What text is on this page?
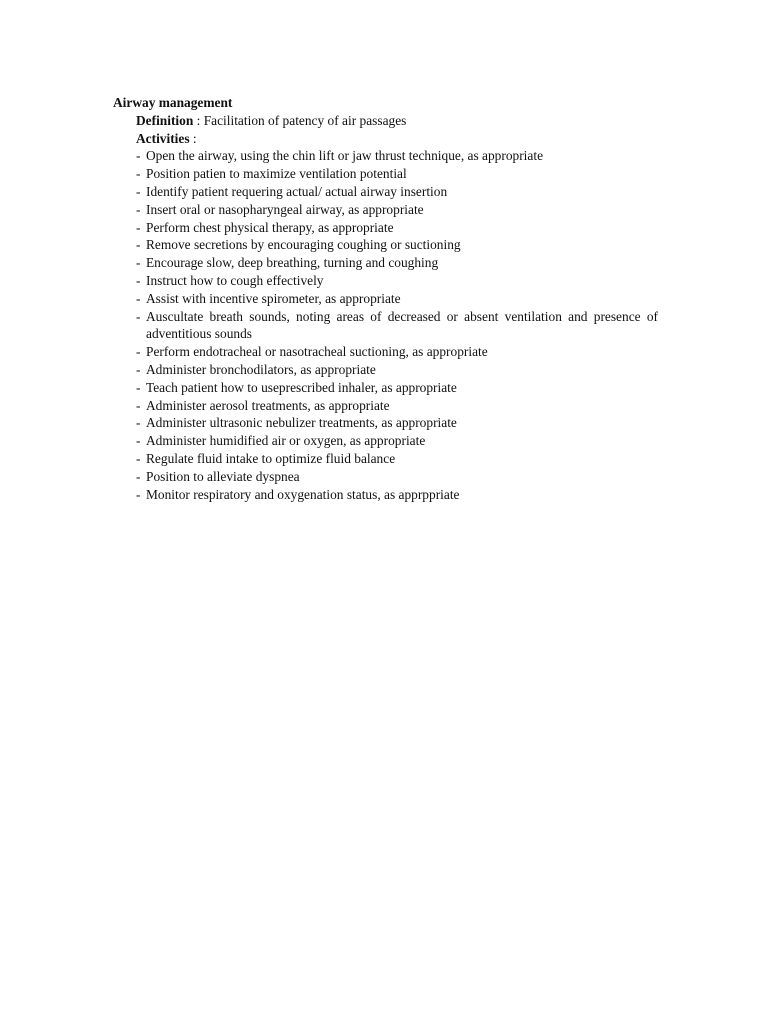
Airway management
Definition : Facilitation of patency of air passages
Activities :
- Open the airway, using the chin lift or jaw thrust technique, as appropriate
- Position patien to maximize ventilation potential
- Identify patient requering actual/ actual airway insertion
- Insert oral or nasopharyngeal airway, as appropriate
- Perform chest physical therapy, as appropriate
- Remove secretions by encouraging coughing or suctioning
- Encourage slow, deep breathing, turning and coughing
- Instruct how to cough effectively
- Assist with incentive spirometer, as appropriate
- Auscultate breath sounds, noting areas of decreased or absent ventilation and presence of adventitious sounds
- Perform endotracheal or nasotracheal suctioning, as appropriate
- Administer bronchodilators, as appropriate
- Teach patient how to useprescribed inhaler, as appropriate
- Administer aerosol treatments, as appropriate
- Administer ultrasonic nebulizer treatments, as appropriate
- Administer humidified air or oxygen, as appropriate
- Regulate fluid intake to optimize fluid balance
- Position to alleviate dyspnea
- Monitor respiratory and oxygenation status, as apprppriate
